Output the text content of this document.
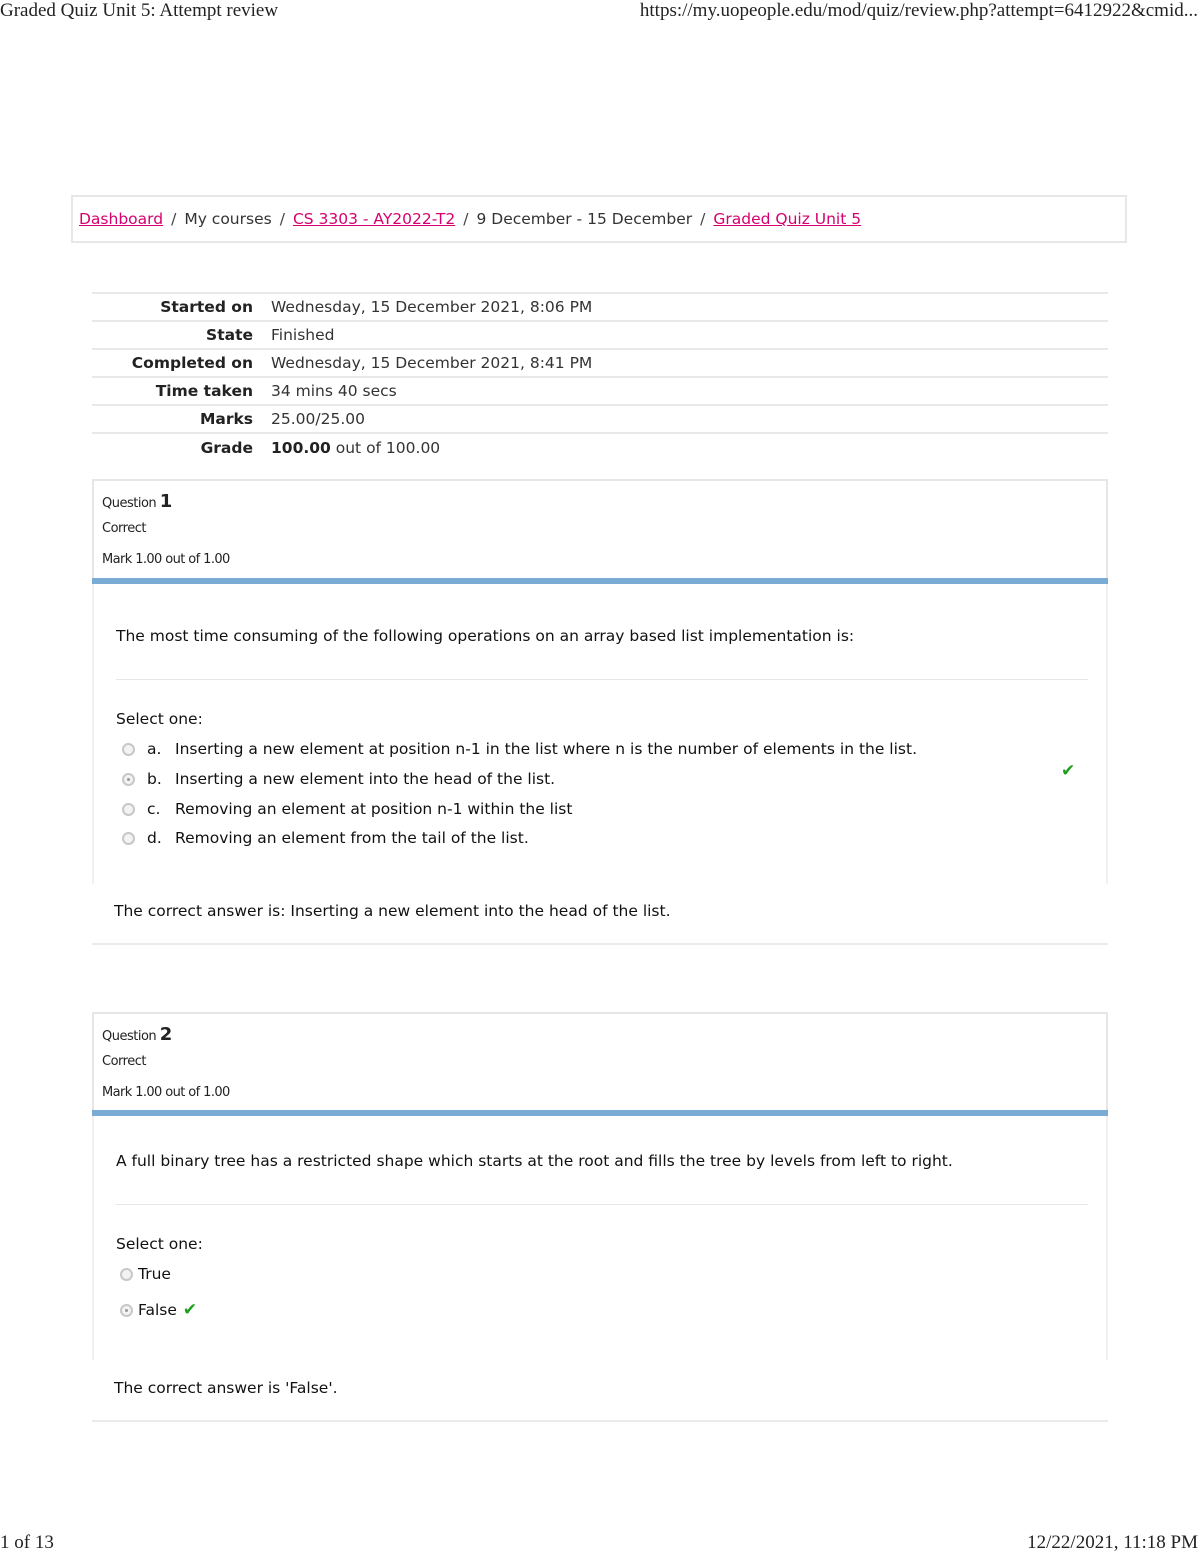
Graded Quiz Unit 5: Attempt review	https://my.uopeople.edu/mod/quiz/review.php?attempt=6412922&cmid...
1 of 13	12/22/2021, 11:18 PM
Dashboard / My courses / CS 3303 - AY2022-T2 / 9 December - 15 December / Graded Quiz Unit 5
Started on	Wednesday, 15 December 2021, 8:06 PM
State	Finished
Completed on	Wednesday, 15 December 2021, 8:41 PM
Time taken	34 mins 40 secs
Marks	25.00/25.00
Grade	100.00 out of 100.00
Question 1
Correct
Mark 1.00 out of 1.00
The most time consuming of the following operations on an array based list implementation is:
Select one:
a. Inserting a new element at position n-1 in the list where n is the number of elements in the list.
b. Inserting a new element into the head of the list.
c. Removing an element at position n-1 within the list
d. Removing an element from the tail of the list.
✔
The correct answer is: Inserting a new element into the head of the list.
Question 2
Correct
Mark 1.00 out of 1.00
A full binary tree has a restricted shape which starts at the root and fills the tree by levels from left to right.
Select one:
True
False ✔
The correct answer is 'False'.
